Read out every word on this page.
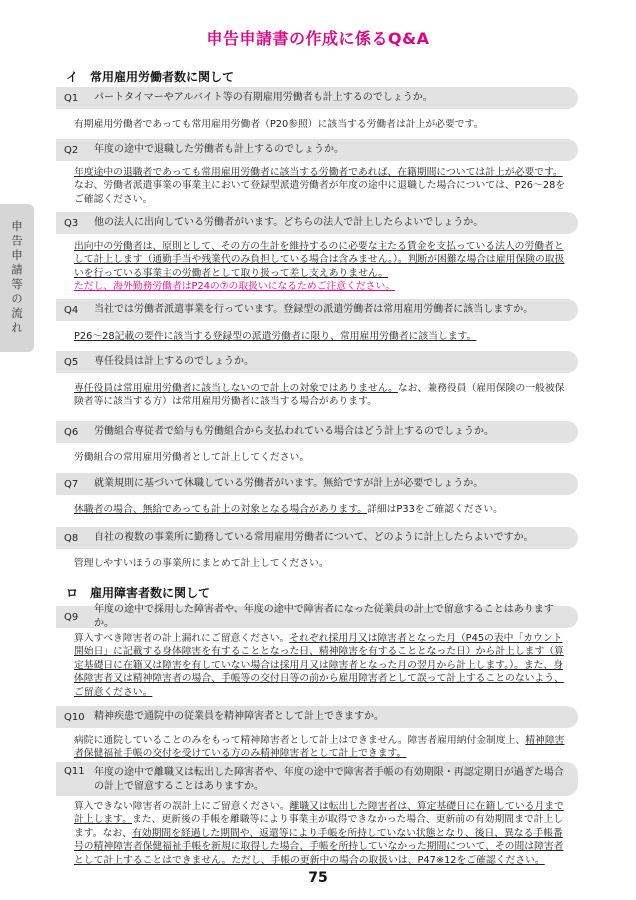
申告申請書の作成に係るQ&A
申告申請等の流れ
イ　常用雇用労働者数に関して
ロ　雇用障害者数に関して
Q1	パートタイマーやアルバイト等の有期雇用労働者も計上するのでしょうか。
有期雇用労働者であっても常用雇用労働者（P20参照）に該当する労働者は計上が必要です。
Q2	年度の途中で退職した労働者も計上するのでしょうか。
年度途中の退職者であっても常用雇用労働者に該当する労働者であれば、在籍期間については計上が必要です。なお、労働者派遣事業の事業主において登録型派遣労働者が年度の途中に退職した場合については、P26〜28をご確認ください。
Q3	他の法人に出向している労働者がいます。どちらの法人で計上したらよいでしょうか。
出向中の労働者は、原則として、その方の生計を維持するのに必要な主たる賃金を支払っている法人の労働者として計上します（通勤手当や残業代のみ負担している場合は含みません。）。判断が困難な場合は雇用保険の取扱いを行っている事業主の労働者として取り扱って差し支えありません。
ただし、海外勤務労働者はP24の⑦の取扱いになるためご注意ください。
Q4	当社では労働者派遣事業を行っています。登録型の派遣労働者は常用雇用労働者に該当しますか。
P26〜28記載の要件に該当する登録型の派遣労働者に限り、常用雇用労働者に該当します。
Q5	専任役員は計上するのでしょうか。
専任役員は常用雇用労働者に該当しないので計上の対象ではありません。なお、兼務役員（雇用保険の一般被保険者等に該当する方）は常用雇用労働者に該当する場合があります。
Q6	労働組合専従者で給与も労働組合から支払われている場合はどう計上するのでしょうか。
労働組合の常用雇用労働者として計上してください。
Q7	就業規則に基づいて休職している労働者がいます。無給ですが計上が必要でしょうか。
休職者の場合、無給であっても計上の対象となる場合があります。詳細はP33をご確認ください。
Q8	自社の複数の事業所に勤務している常用雇用労働者について、どのように計上したらよいですか。
管理しやすいほうの事業所にまとめて計上してください。
Q9
年度の途中で採用した障害者や、年度の途中で障害者になった従業員の計上で留意することはありますか。
算入すべき障害者の計上漏れにご留意ください。それぞれ採用月又は障害者となった月（P45の表中「カウント開始日」に記載する身体障害を有することとなった日、精神障害を有することとなった日）から計上します（算定基礎日に在籍又は障害を有していない場合は採用月又は障害者となった月の翌月から計上します。）。また、身体障害者又は精神障害者の場合、手帳等の交付日等の前から雇用障害者として誤って計上することのないよう、ご留意ください。
Q10 精神疾患で通院中の従業員を精神障害者として計上できますか。
病院に通院していることのみをもって精神障害者として計上はできません。障害者雇用納付金制度上、精神障害者保健福祉手帳の交付を受けている方のみ精神障害者として計上できます。
Q11 年度の途中で離職又は転出した障害者や、年度の途中で障害者手帳の有効期限・再認定期日が過ぎた場合の計上で留意することはありますか。
算入できない障害者の誤計上にご留意ください。離職又は転出した障害者は、算定基礎日に在籍している月まで計上します。また、更新後の手帳を離職等により事業主が取得できなかった場合、更新前の有効期間まで計上します。なお、有効期間を経過した期間や、返還等により手帳を所持していない状態となり、後日、異なる手帳番号の精神障害者保健福祉手帳を新規に取得した場合、手帳を所持していなかった期間について、その間は障害者として計上することはできません。ただし、手帳の更新中の場合の取扱いは、P47※12をご確認ください。
75
